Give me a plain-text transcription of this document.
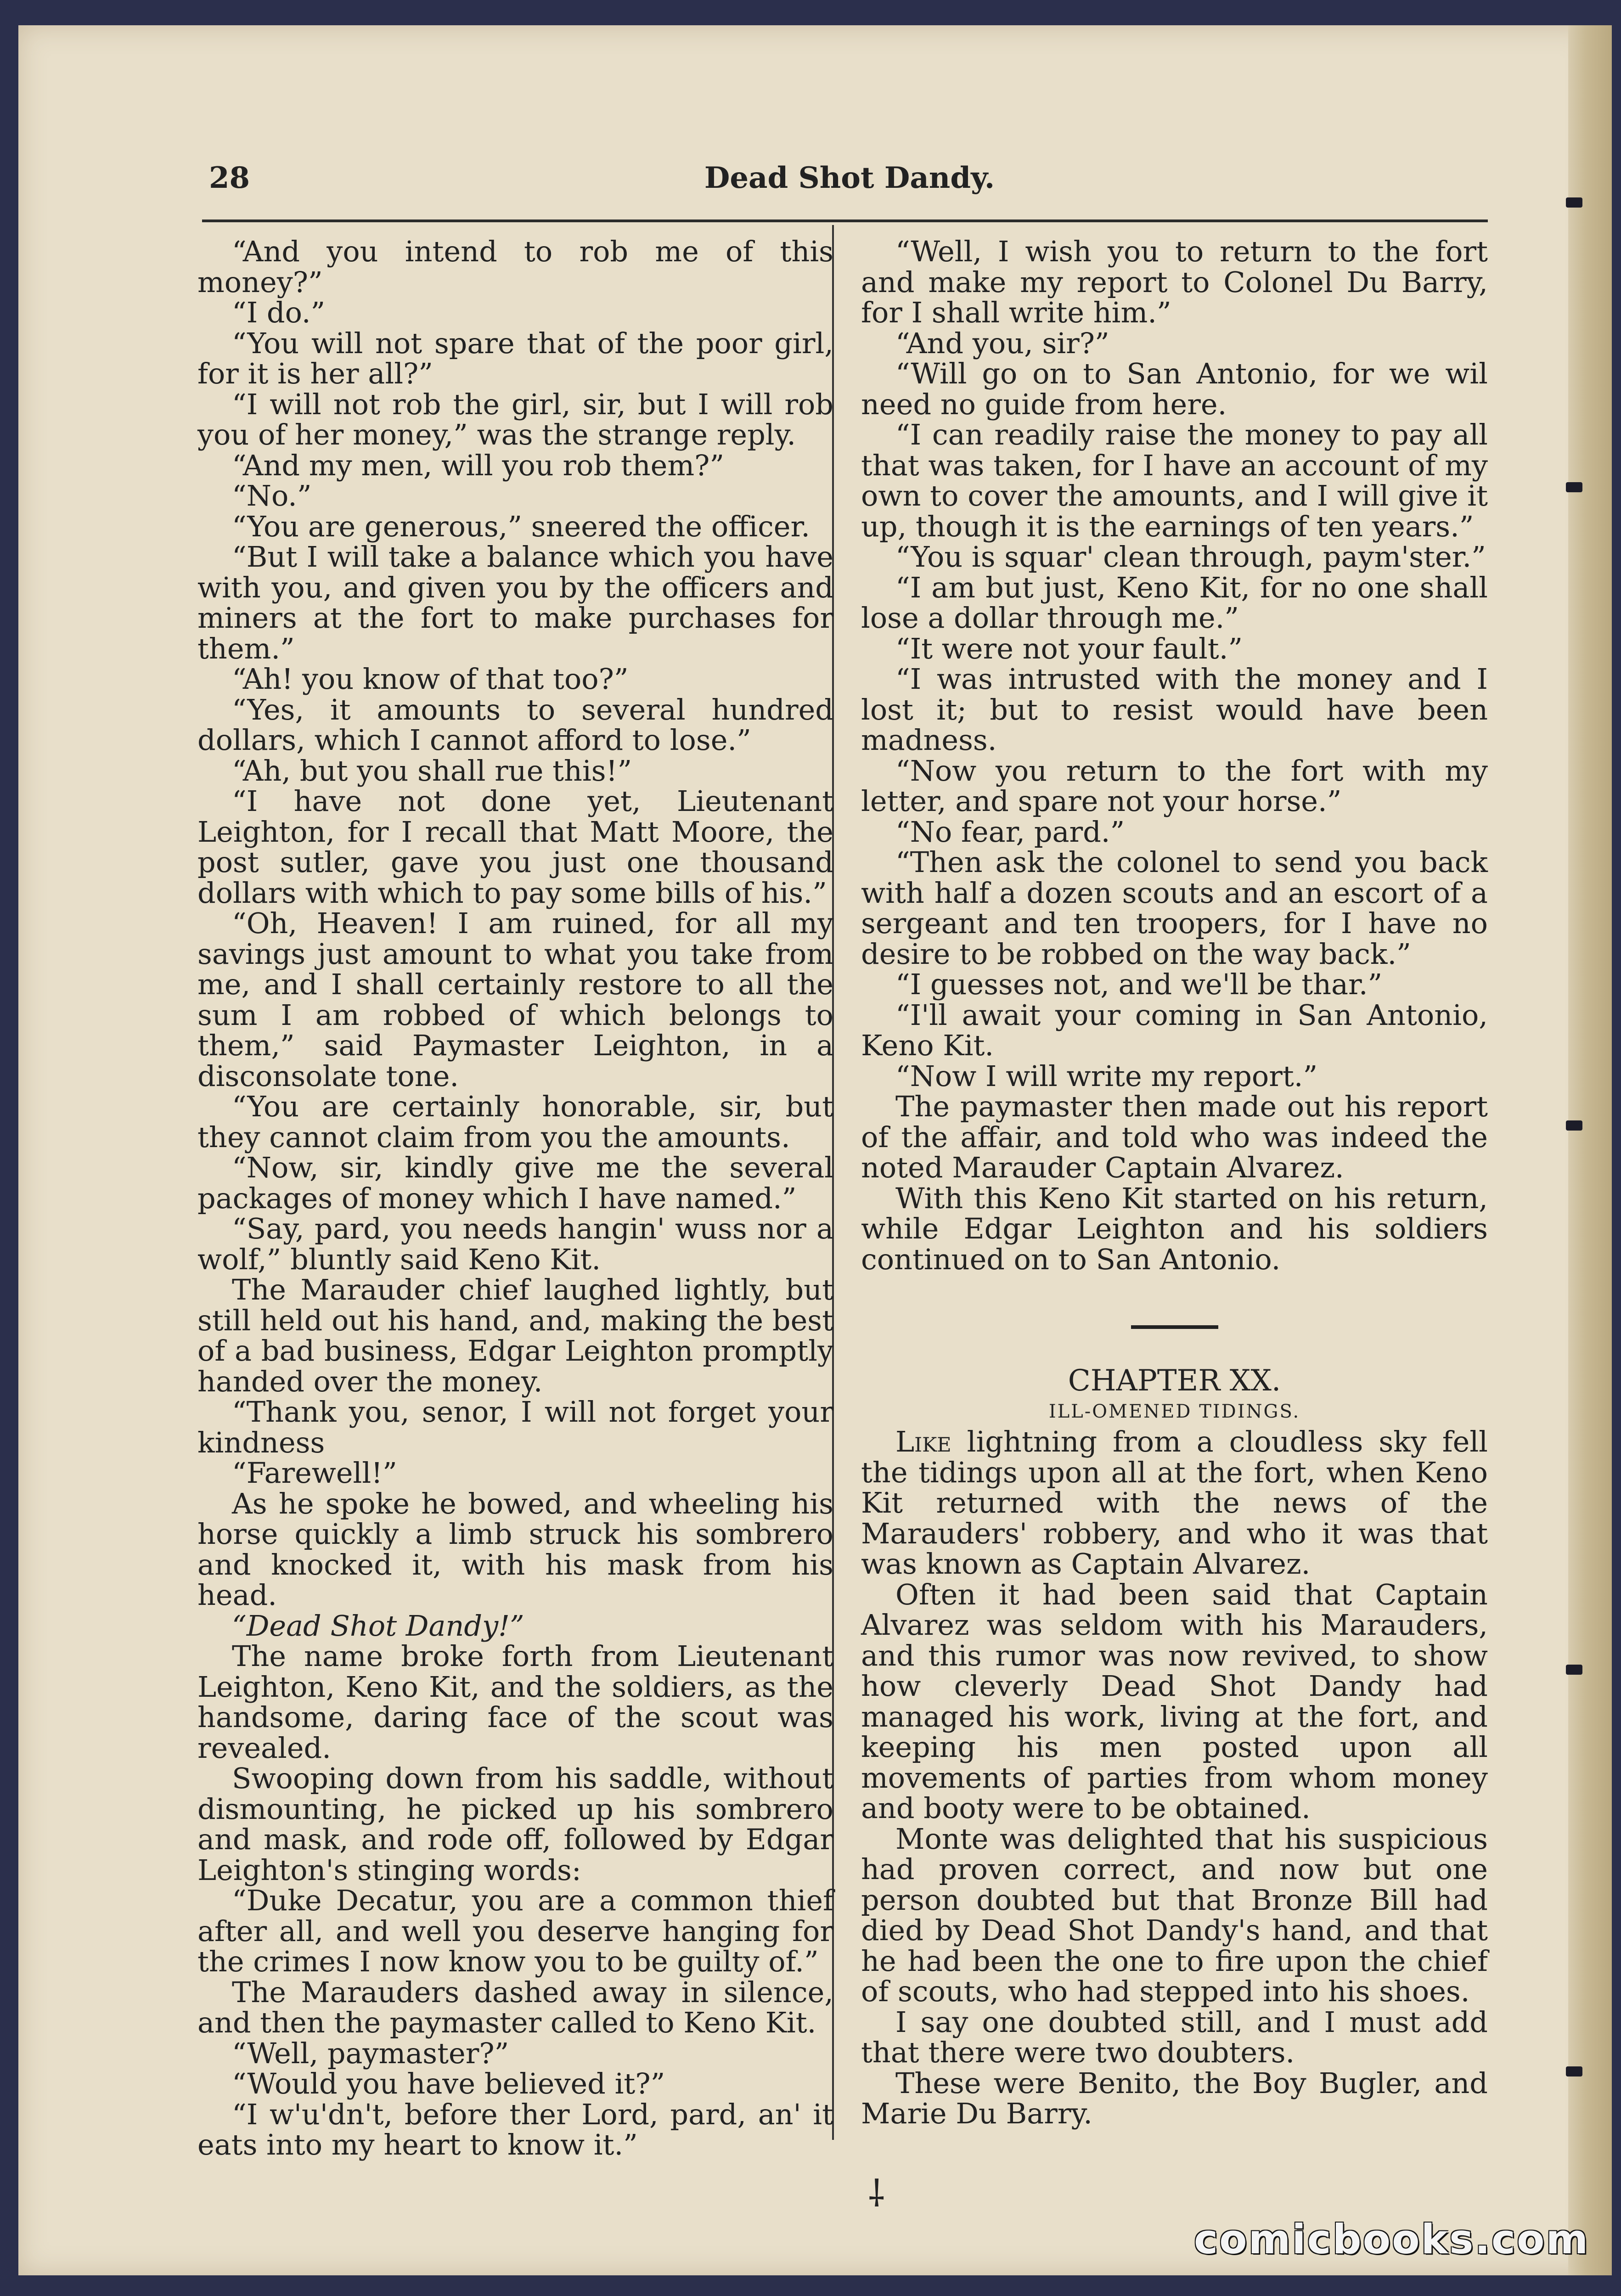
28	Dead Shot Dandy.

“And you intend to rob me of this money?”

“I do.”

“You will not spare that of the poor girl, for it is her all?”

“I will not rob the girl, sir, but I will rob you of her money,” was the strange reply.

“And my men, will you rob them?”

“No.”

“You are generous,” sneered the officer.

“But I will take a balance which you have with you, and given you by the officers and miners at the fort to make purchases for them.”

“Ah! you know of that too?”

“Yes, it amounts to several hundred dollars, which I cannot afford to lose.”

“Ah, but you shall rue this!”

“I have not done yet, Lieutenant Leighton, for I recall that Matt Moore, the post sutler, gave you just one thousand dollars with which to pay some bills of his.”

“Oh, Heaven! I am ruined, for all my savings just amount to what you take from me, and I shall certainly restore to all the sum I am robbed of which belongs to them,” said Paymaster Leighton, in a disconsolate tone.

“You are certainly honorable, sir, but they cannot claim from you the amounts.

“Now, sir, kindly give me the several packages of money which I have named.”

“Say, pard, you needs hangin' wuss nor a wolf,” bluntly said Keno Kit.

The Marauder chief laughed lightly, but still held out his hand, and, making the best of a bad business, Edgar Leighton promptly handed over the money.

“Thank you, senor, I will not forget your kindness

“Farewell!”

As he spoke he bowed, and wheeling his horse quickly a limb struck his sombrero and knocked it, with his mask from his head.

“Dead Shot Dandy!”

The name broke forth from Lieutenant Leighton, Keno Kit, and the soldiers, as the handsome, daring face of the scout was revealed.

Swooping down from his saddle, without dismounting, he picked up his sombrero and mask, and rode off, followed by Edgar Leighton's stinging words:

“Duke Decatur, you are a common thief after all, and well you deserve hanging for the crimes I now know you to be guilty of.”

The Marauders dashed away in silence, and then the paymaster called to Keno Kit.

“Well, paymaster?”

“Would you have believed it?”

“I w'u'dn't, before ther Lord, pard, an' it eats into my heart to know it.”

“Well, I wish you to return to the fort and make my report to Colonel Du Barry, for I shall write him.”

“And you, sir?”

“Will go on to San Antonio, for we wil need no guide from here.

“I can readily raise the money to pay all that was taken, for I have an account of my own to cover the amounts, and I will give it up, though it is the earnings of ten years.”

“You is squar' clean through, paym'ster.”

“I am but just, Keno Kit, for no one shall lose a dollar through me.”

“It were not your fault.”

“I was intrusted with the money and I lost it; but to resist would have been madness.

“Now you return to the fort with my letter, and spare not your horse.”

“No fear, pard.”

“Then ask the colonel to send you back with half a dozen scouts and an escort of a sergeant and ten troopers, for I have no desire to be robbed on the way back.”

“I guesses not, and we'll be thar.”

“I'll await your coming in San Antonio, Keno Kit.

“Now I will write my report.”

The paymaster then made out his report of the affair, and told who was indeed the noted Marauder Captain Alvarez.

With this Keno Kit started on his return, while Edgar Leighton and his soldiers continued on to San Antonio.

CHAPTER XX.

ILL-OMENED TIDINGS.

Like lightning from a cloudless sky fell the tidings upon all at the fort, when Keno Kit returned with the news of the Marauders' robbery, and who it was that was known as Captain Alvarez.

Often it had been said that Captain Alvarez was seldom with his Marauders, and this rumor was now revived, to show how cleverly Dead Shot Dandy had managed his work, living at the fort, and keeping his men posted upon all movements of parties from whom money and booty were to be obtained.

Monte was delighted that his suspicious had proven correct, and now but one person doubted but that Bronze Bill had died by Dead Shot Dandy's hand, and that he had been the one to fire upon the chief of scouts, who had stepped into his shoes.

I say one doubted still, and I must add that there were two doubters.

These were Benito, the Boy Bugler, and Marie Du Barry.

⸸
comicbooks.com
